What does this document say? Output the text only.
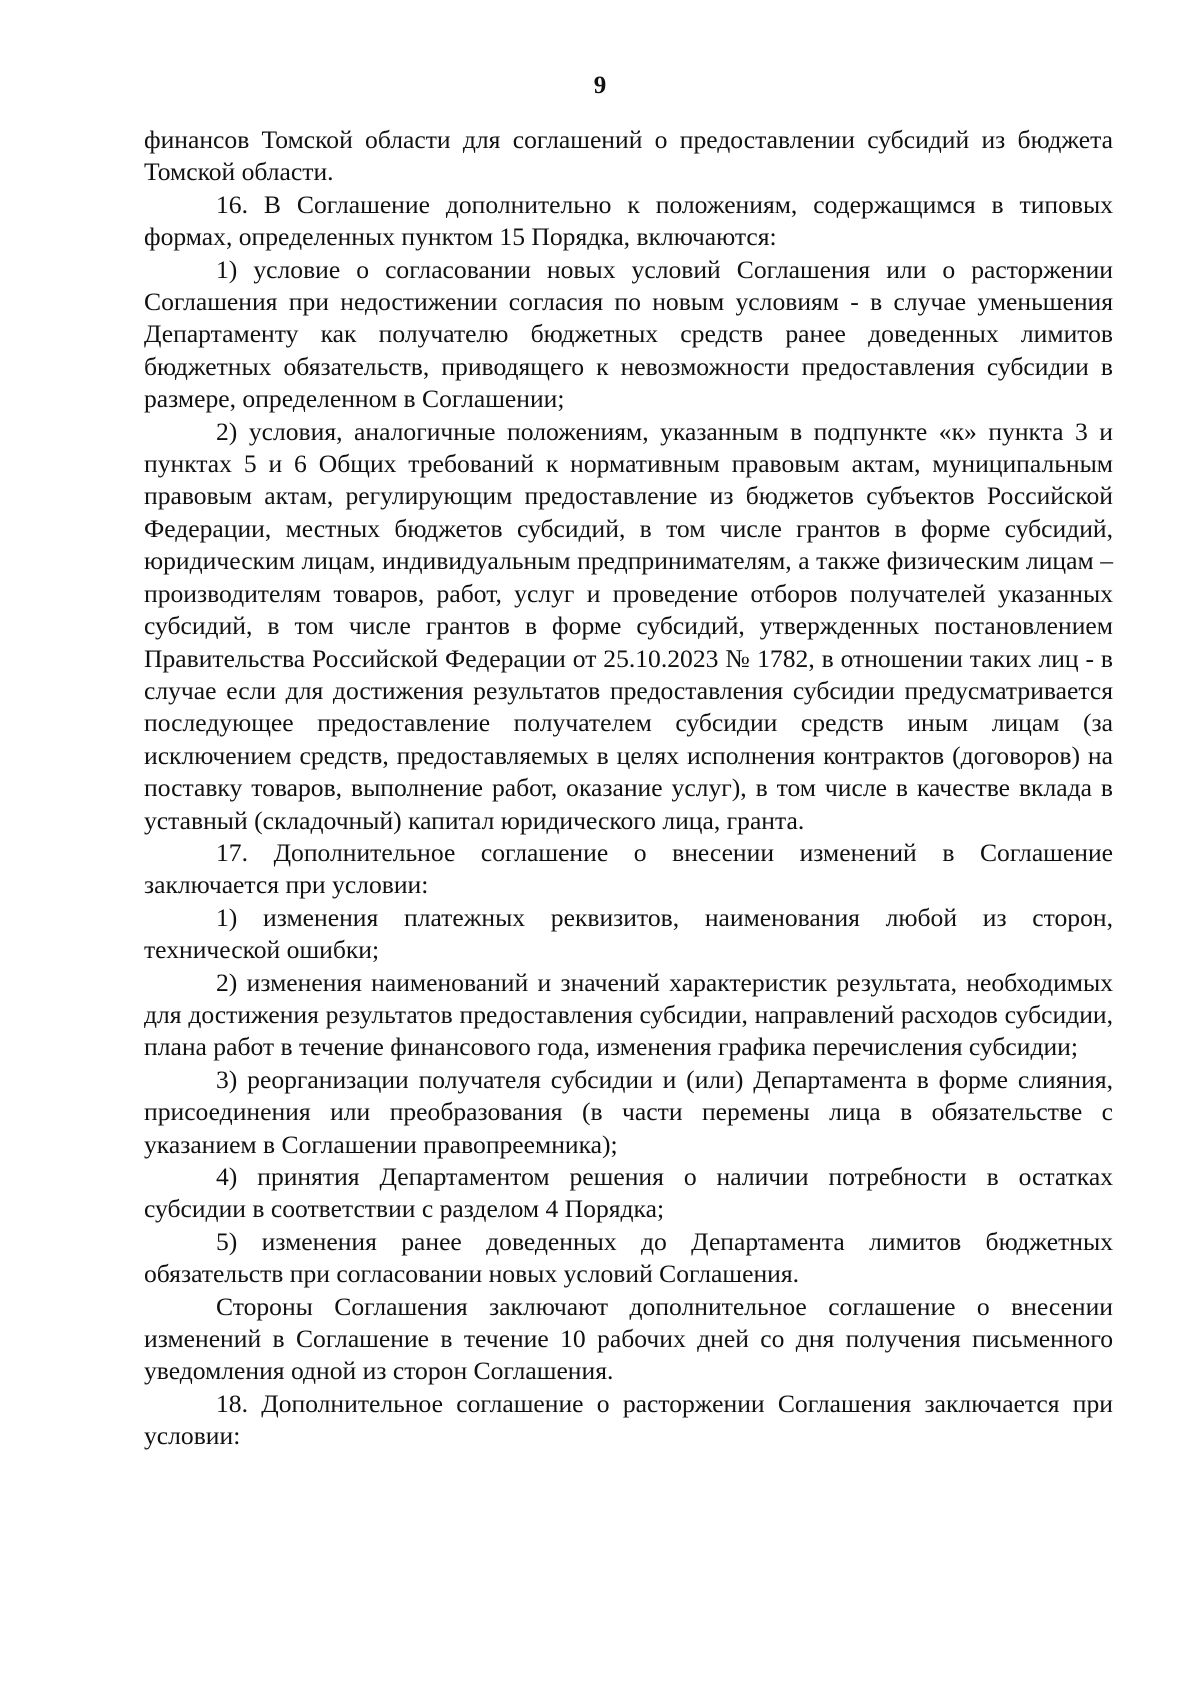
9

финансов Томской области для соглашений о предоставлении субсидий из бюджета Томской области.

16. В Соглашение дополнительно к положениям, содержащимся в типовых формах, определенных пунктом 15 Порядка, включаются:

1) условие о согласовании новых условий Соглашения или о расторжении Соглашения при недостижении согласия по новым условиям - в случае уменьшения Департаменту как получателю бюджетных средств ранее доведенных лимитов бюджетных обязательств, приводящего к невозможности предоставления субсидии в размере, определенном в Соглашении;

2) условия, аналогичные положениям, указанным в подпункте «к» пункта 3 и пунктах 5 и 6 Общих требований к нормативным правовым актам, муниципальным правовым актам, регулирующим предоставление из бюджетов субъектов Российской Федерации, местных бюджетов субсидий, в том числе грантов в форме субсидий, юридическим лицам, индивидуальным предпринимателям, а также физическим лицам – производителям товаров, работ, услуг и проведение отборов получателей указанных субсидий, в том числе грантов в форме субсидий, утвержденных постановлением Правительства Российской Федерации от 25.10.2023 № 1782, в отношении таких лиц - в случае если для достижения результатов предоставления субсидии предусматривается последующее предоставление получателем субсидии средств иным лицам (за исключением средств, предоставляемых в целях исполнения контрактов (договоров) на поставку товаров, выполнение работ, оказание услуг), в том числе в качестве вклада в уставный (складочный) капитал юридического лица, гранта.

17. Дополнительное соглашение о внесении изменений в Соглашение заключается при условии:

1) изменения платежных реквизитов, наименования любой из сторон, технической ошибки;

2) изменения наименований и значений характеристик результата, необходимых для достижения результатов предоставления субсидии, направлений расходов субсидии, плана работ в течение финансового года, изменения графика перечисления субсидии;

3) реорганизации получателя субсидии и (или) Департамента в форме слияния, присоединения или преобразования (в части перемены лица в обязательстве с указанием в Соглашении правопреемника);

4) принятия Департаментом решения о наличии потребности в остатках субсидии в соответствии с разделом 4 Порядка;

5) изменения ранее доведенных до Департамента лимитов бюджетных обязательств при согласовании новых условий Соглашения.

Стороны Соглашения заключают дополнительное соглашение о внесении изменений в Соглашение в течение 10 рабочих дней со дня получения письменного уведомления одной из сторон Соглашения.

18. Дополнительное соглашение о расторжении Соглашения заключается при условии:
